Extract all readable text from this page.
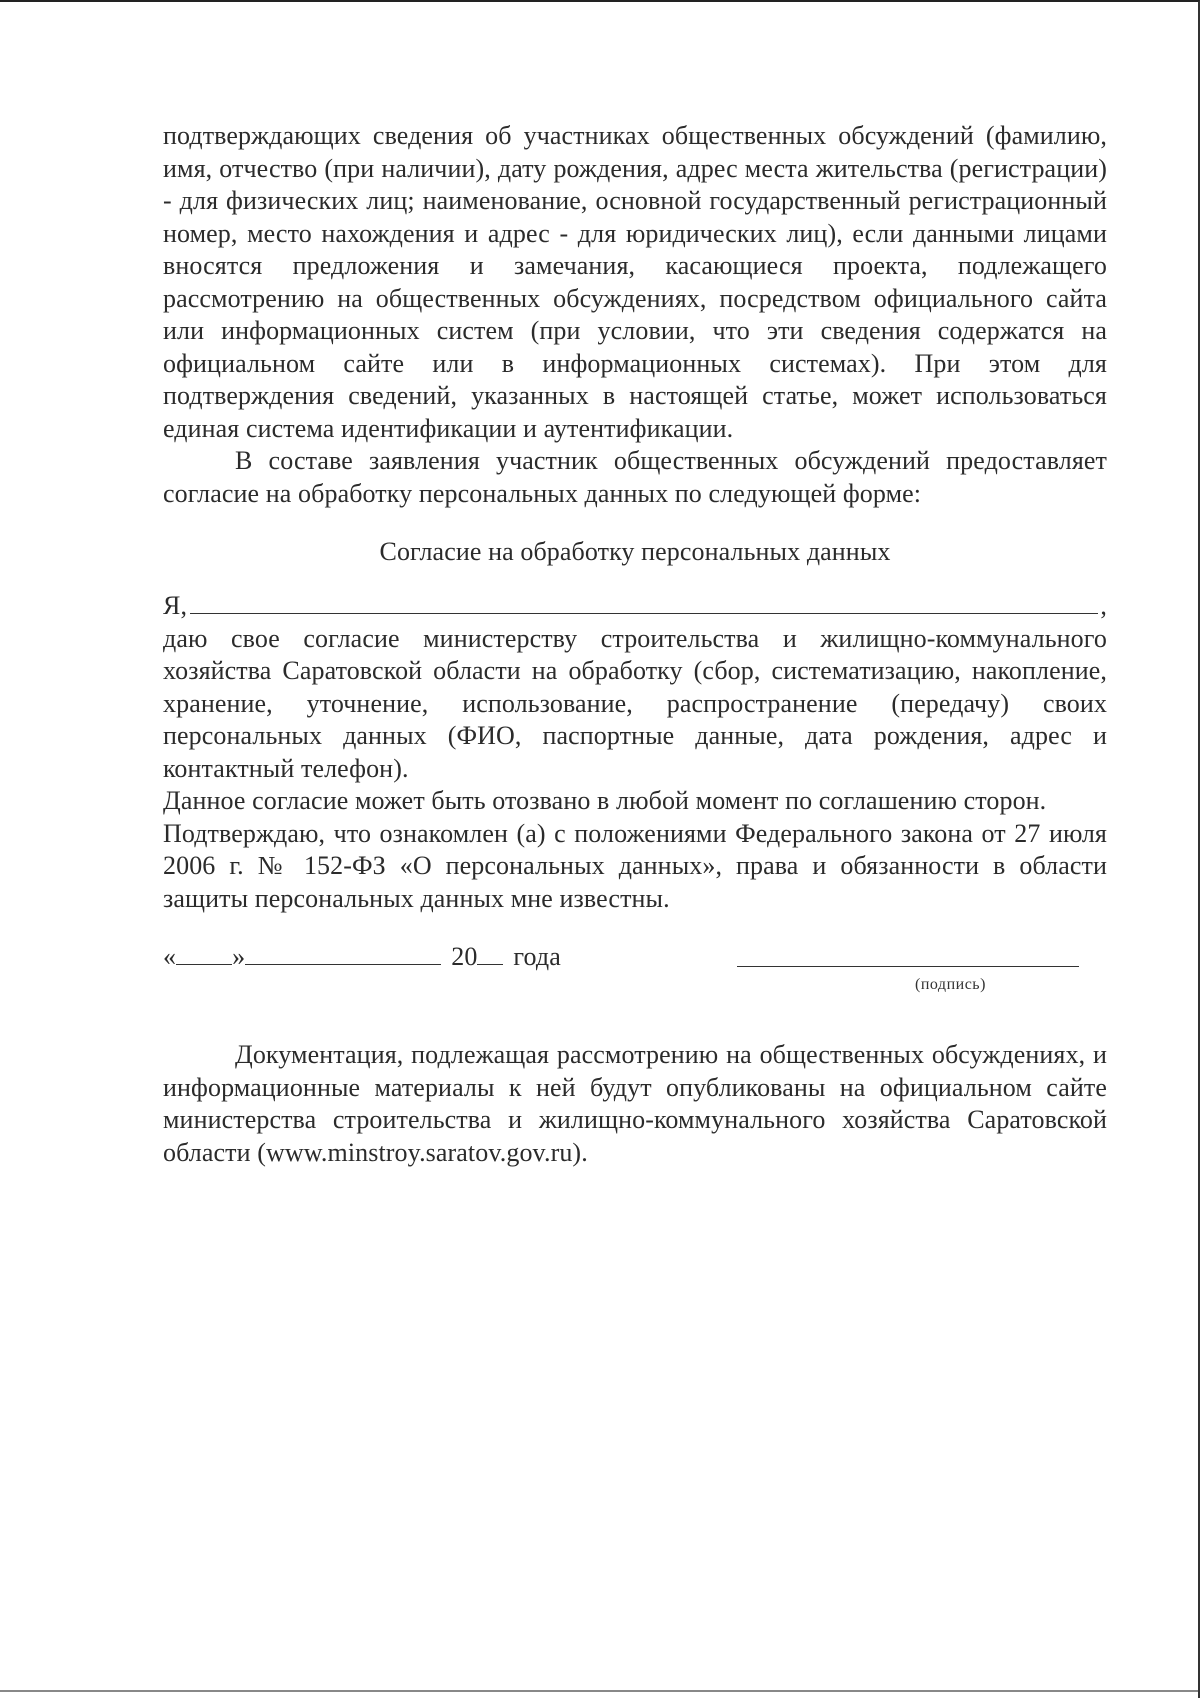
подтверждающих сведения об участниках общественных обсуждений (фамилию, имя, отчество (при наличии), дату рождения, адрес места жительства (регистрации) - для физических лиц; наименование, основной государственный регистрационный номер, место нахождения и адрес - для юридических лиц), если данными лицами вносятся предложения и замечания, касающиеся проекта, подлежащего рассмотрению на общественных обсуждениях, посредством официального сайта или информационных систем (при условии, что эти сведения содержатся на официальном сайте или в информационных системах). При этом для подтверждения сведений, указанных в настоящей статье, может использоваться единая система идентификации и аутентификации.

В составе заявления участник общественных обсуждений предоставляет согласие на обработку персональных данных по следующей форме:

Согласие на обработку персональных данных

Я,	,

даю свое согласие министерству строительства и жилищно-коммунального хозяйства Саратовской области на обработку (сбор, систематизацию, накопление, хранение, уточнение, использование, распространение (передачу) своих персональных данных (ФИО, паспортные данные, дата рождения, адрес и контактный телефон).

Данное согласие может быть отозвано в любой момент по соглашению сторон.

Подтверждаю, что ознакомлен (а) с положениями Федерального закона от 27 июля 2006 г. № 152-ФЗ «О персональных данных», права и обязанности в области защиты персональных данных мне известны.

« »	20 года
(подпись)

Документация, подлежащая рассмотрению на общественных обсуждениях, и информационные материалы к ней будут опубликованы на официальном сайте министерства строительства и жилищно-коммунального хозяйства Саратовской области (www.minstroy.saratov.gov.ru).
